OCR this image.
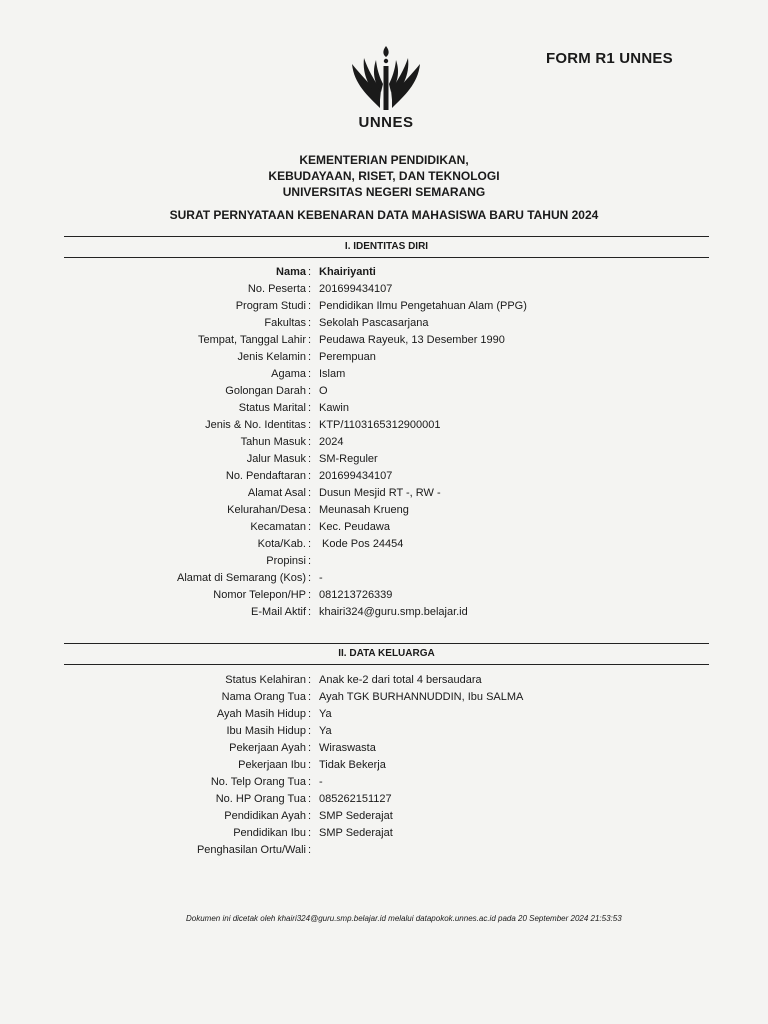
FORM R1 UNNES
UNNES
KEMENTERIAN PENDIDIKAN,
KEBUDAYAAN, RISET, DAN TEKNOLOGI
UNIVERSITAS NEGERI SEMARANG
SURAT PERNYATAAN KEBENARAN DATA MAHASISWA BARU TAHUN 2024
I. IDENTITAS DIRI
Nama : Khairiyanti
No. Peserta : 201699434107
Program Studi : Pendidikan Ilmu Pengetahuan Alam (PPG)
Fakultas : Sekolah Pascasarjana
Tempat, Tanggal Lahir : Peudawa Rayeuk, 13 Desember 1990
Jenis Kelamin : Perempuan
Agama : Islam
Golongan Darah : O
Status Marital : Kawin
Jenis & No. Identitas : KTP/1103165312900001
Tahun Masuk : 2024
Jalur Masuk : SM-Reguler
No. Pendaftaran : 201699434107
Alamat Asal : Dusun Mesjid RT -, RW -
Kelurahan/Desa : Meunasah Krueng
Kecamatan : Kec. Peudawa
Kota/Kab. : Kode Pos 24454
Propinsi :
Alamat di Semarang (Kos) : -
Nomor Telepon/HP : 081213726339
E-Mail Aktif : khairi324@guru.smp.belajar.id
II. DATA KELUARGA
Status Kelahiran : Anak ke-2 dari total 4 bersaudara
Nama Orang Tua : Ayah TGK BURHANNUDDIN, Ibu SALMA
Ayah Masih Hidup : Ya
Ibu Masih Hidup : Ya
Pekerjaan Ayah : Wiraswasta
Pekerjaan Ibu : Tidak Bekerja
No. Telp Orang Tua : -
No. HP Orang Tua : 085262151127
Pendidikan Ayah : SMP Sederajat
Pendidikan Ibu : SMP Sederajat
Penghasilan Ortu/Wali :
Dokumen ini dicetak oleh khairi324@guru.smp.belajar.id melalui datapokok.unnes.ac.id pada 20 September 2024 21:53:53
